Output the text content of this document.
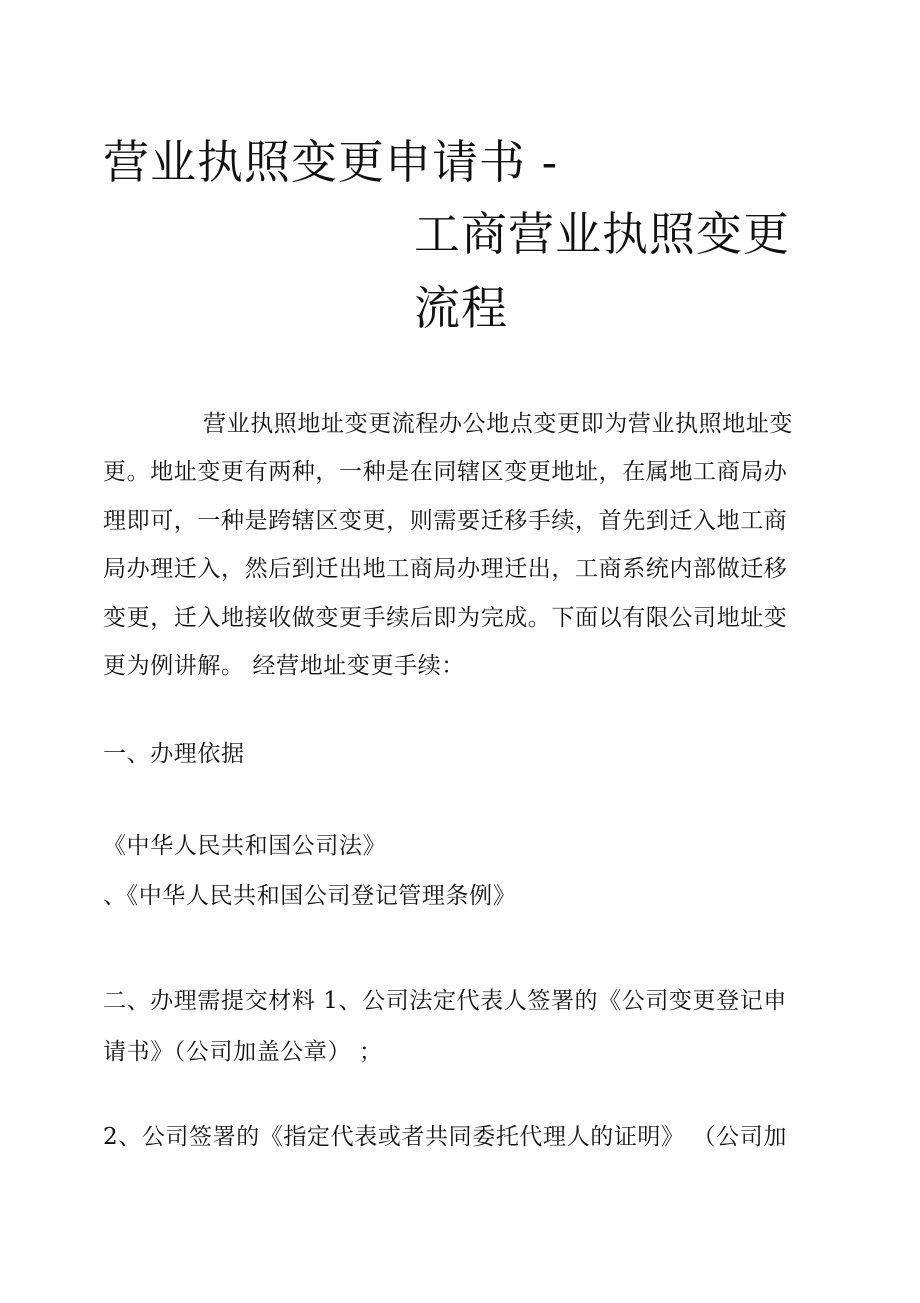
营业执照变更申请书 -
工商营业执照变更
流程

营业执照地址变更流程办公地点变更即为营业执照地址变更。地址变更有两种，一种是在同辖区变更地址，在属地工商局办理即可，一种是跨辖区变更，则需要迁移手续，首先到迁入地工商局办理迁入，然后到迁出地工商局办理迁出，工商系统内部做迁移变更，迁入地接收做变更手续后即为完成。下面以有限公司地址变更为例讲解。 经营地址变更手续：

一、办理依据

《中华人民共和国公司法》

、《中华人民共和国公司登记管理条例》

二、办理需提交材料 1、公司法定代表人签署的《公司变更登记申请书》（公司加盖公章） ；

2、公司签署的《指定代表或者共同委托代理人的证明》 （公司加
